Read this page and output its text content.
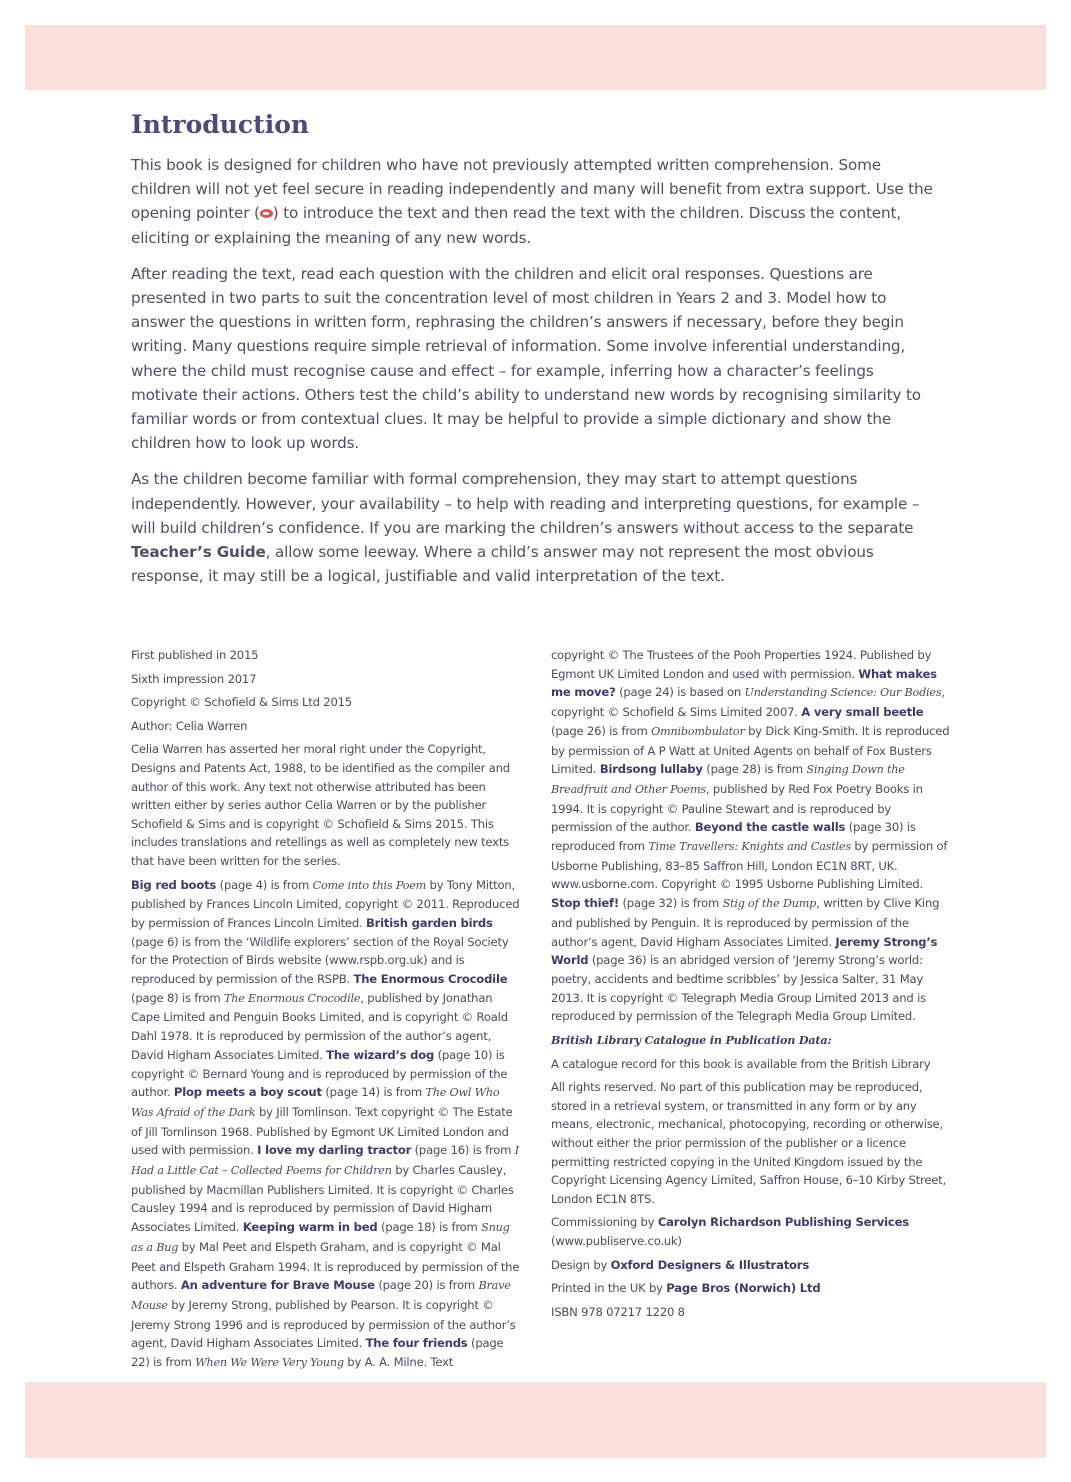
Introduction

This book is designed for children who have not previously attempted written comprehension. Some children will not yet feel secure in reading independently and many will benefit from extra support. Use the opening pointer ( ) to introduce the text and then read the text with the children. Discuss the content, eliciting or explaining the meaning of any new words.

After reading the text, read each question with the children and elicit oral responses. Questions are presented in two parts to suit the concentration level of most children in Years 2 and 3. Model how to answer the questions in written form, rephrasing the children’s answers if necessary, before they begin writing. Many questions require simple retrieval of information. Some involve inferential understanding, where the child must recognise cause and effect – for example, inferring how a character’s feelings motivate their actions. Others test the child’s ability to understand new words by recognising similarity to familiar words or from contextual clues. It may be helpful to provide a simple dictionary and show the children how to look up words.

As the children become familiar with formal comprehension, they may start to attempt questions independently. However, your availability – to help with reading and interpreting questions, for example – will build children’s confidence. If you are marking the children’s answers without access to the separate Teacher’s Guide, allow some leeway. Where a child’s answer may not represent the most obvious response, it may still be a logical, justifiable and valid interpretation of the text.

First published in 2015

Sixth impression 2017

Copyright © Schofield & Sims Ltd 2015

Author: Celia Warren

Celia Warren has asserted her moral right under the Copyright, Designs and Patents Act, 1988, to be identified as the compiler and author of this work. Any text not otherwise attributed has been written either by series author Celia Warren or by the publisher Schofield & Sims and is copyright © Schofield & Sims 2015. This includes translations and retellings as well as completely new texts that have been written for the series.

Big red boots (page 4) is from Come into this Poem by Tony Mitton, published by Frances Lincoln Limited, copyright © 2011. Reproduced by permission of Frances Lincoln Limited. British garden birds (page 6) is from the ‘Wildlife explorers’ section of the Royal Society for the Protection of Birds website (www.rspb.org.uk) and is reproduced by permission of the RSPB. The Enormous Crocodile (page 8) is from The Enormous Crocodile, published by Jonathan Cape Limited and Penguin Books Limited, and is copyright © Roald Dahl 1978. It is reproduced by permission of the author’s agent, David Higham Associates Limited. The wizard’s dog (page 10) is copyright © Bernard Young and is reproduced by permission of the author. Plop meets a boy scout (page 14) is from The Owl Who Was Afraid of the Dark by Jill Tomlinson. Text copyright © The Estate of Jill Tomlinson 1968. Published by Egmont UK Limited London and used with permission. I love my darling tractor (page 16) is from I Had a Little Cat – Collected Poems for Children by Charles Causley, published by Macmillan Publishers Limited. It is copyright © Charles Causley 1994 and is reproduced by permission of David Higham Associates Limited. Keeping warm in bed (page 18) is from Snug as a Bug by Mal Peet and Elspeth Graham, and is copyright © Mal Peet and Elspeth Graham 1994. It is reproduced by permission of the authors. An adventure for Brave Mouse (page 20) is from Brave Mouse by Jeremy Strong, published by Pearson. It is copyright © Jeremy Strong 1996 and is reproduced by permission of the author’s agent, David Higham Associates Limited. The four friends (page 22) is from When We Were Very Young by A. A. Milne. Text

copyright © The Trustees of the Pooh Properties 1924. Published by Egmont UK Limited London and used with permission. What makes me move? (page 24) is based on Understanding Science: Our Bodies, copyright © Schofield & Sims Limited 2007. A very small beetle (page 26) is from Omnibombulator by Dick King-Smith. It is reproduced by permission of A P Watt at United Agents on behalf of Fox Busters Limited. Birdsong lullaby (page 28) is from Singing Down the Breadfruit and Other Poems, published by Red Fox Poetry Books in 1994. It is copyright © Pauline Stewart and is reproduced by permission of the author. Beyond the castle walls (page 30) is reproduced from Time Travellers: Knights and Castles by permission of Usborne Publishing, 83–85 Saffron Hill, London EC1N 8RT, UK. www.usborne.com. Copyright © 1995 Usborne Publishing Limited. Stop thief! (page 32) is from Stig of the Dump, written by Clive King and published by Penguin. It is reproduced by permission of the author’s agent, David Higham Associates Limited. Jeremy Strong’s World (page 36) is an abridged version of ‘Jeremy Strong’s world: poetry, accidents and bedtime scribbles’ by Jessica Salter, 31 May 2013. It is copyright © Telegraph Media Group Limited 2013 and is reproduced by permission of the Telegraph Media Group Limited.

British Library Catalogue in Publication Data:

A catalogue record for this book is available from the British Library

All rights reserved. No part of this publication may be reproduced, stored in a retrieval system, or transmitted in any form or by any means, electronic, mechanical, photocopying, recording or otherwise, without either the prior permission of the publisher or a licence permitting restricted copying in the United Kingdom issued by the Copyright Licensing Agency Limited, Saffron House, 6–10 Kirby Street, London EC1N 8TS.

Commissioning by Carolyn Richardson Publishing Services
(www.publiserve.co.uk)

Design by Oxford Designers & Illustrators

Printed in the UK by Page Bros (Norwich) Ltd

ISBN 978 07217 1220 8
